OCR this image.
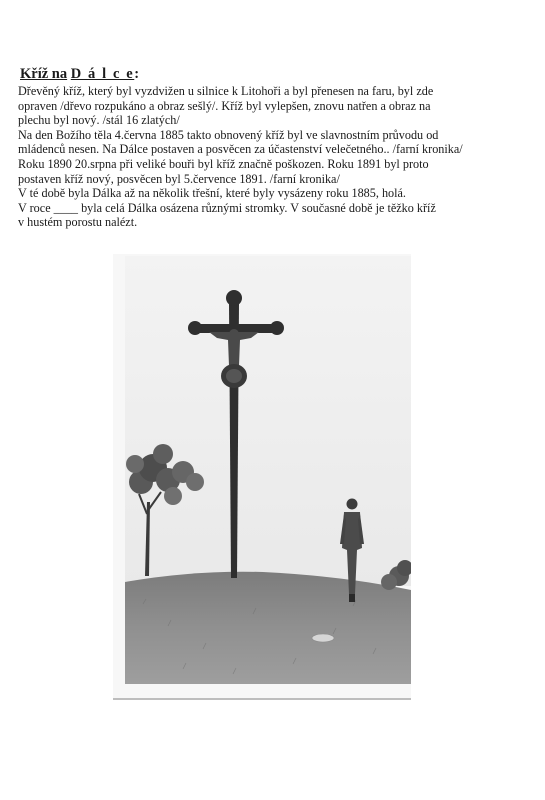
Kříž na D á l c e:
Dřevěný kříž, který byl vyzdvižen u silnice k Litohoři a byl přenesen na faru, byl zde
opraven /dřevo rozpukáno a obraz sešlý/. Kříž byl vylepšen, znovu natřen a obraz na
plechu byl nový. /stál 16 zlatých/
Na den Božího těla 4.června 1885 takto obnovený kříž byl ve slavnostním průvodu od
mládenců nesen. Na Dálce postaven a posvěcen za účastenství velečetného.. /farní kronika/
Roku 1890 20.srpna při veliké bouři byl kříž značně poškozen. Roku 1891 byl proto
postaven kříž nový, posvěcen byl 5.července 1891. /farní kronika/
V té době byla Dálka až na několik třešní, které byly vysázeny roku 1885, holá.
V roce ____ byla celá Dálka osázena různými stromky. V současné době je těžko kříž
v hustém porostu nalézt.
